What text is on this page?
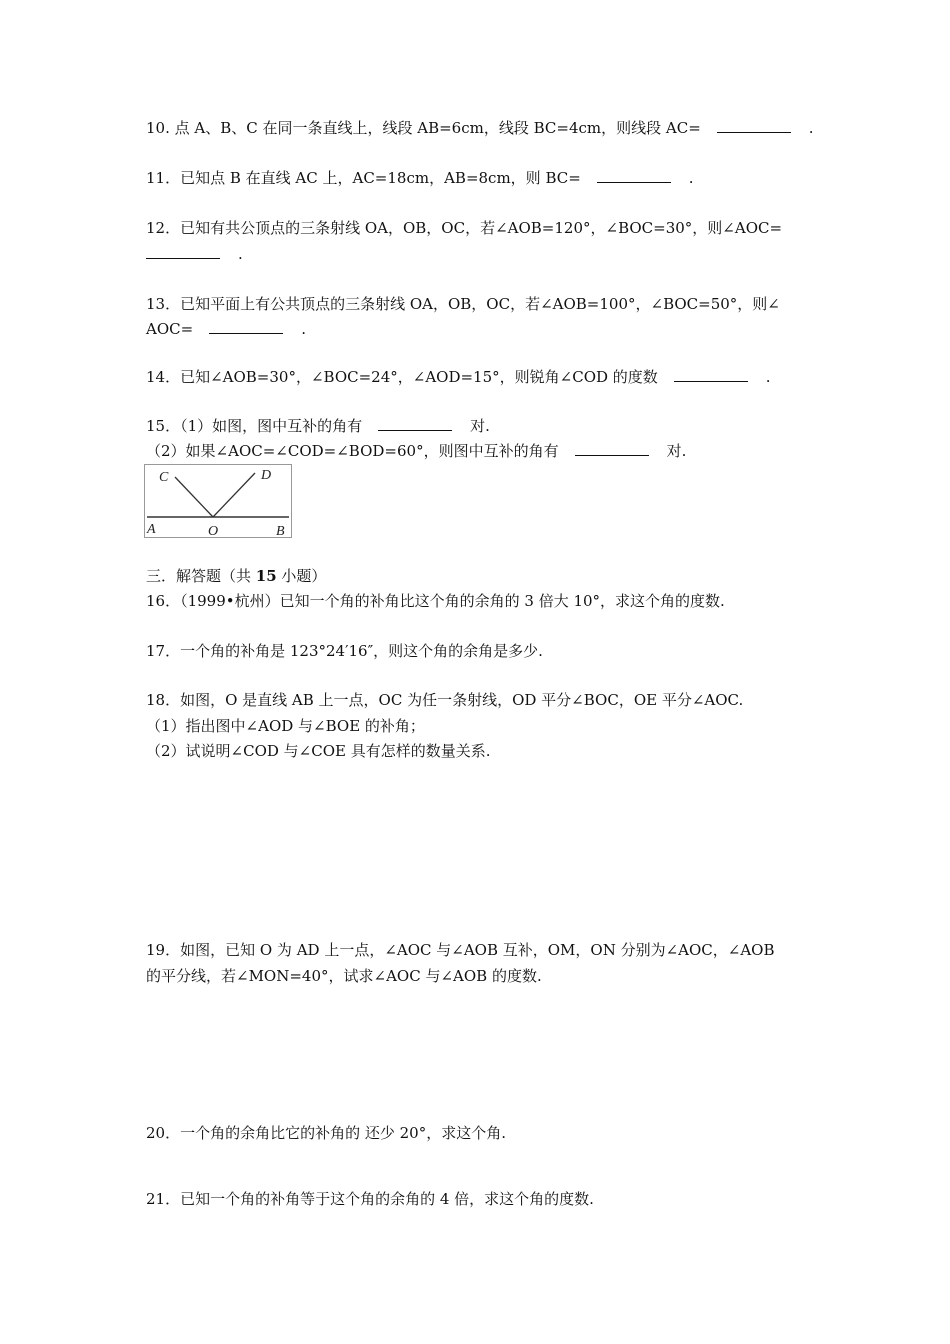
10. 点 A、B、C 在同一条直线上，线段 AB=6cm，线段 BC=4cm，则线段 AC=	.
11．已知点 B 在直线 AC 上，AC=18cm，AB=8cm，则 BC=	.
12．已知有共公顶点的三条射线 OA，OB，OC，若∠AOB=120°，∠BOC=30°，则∠AOC=
.
13．已知平面上有公共顶点的三条射线 OA，OB，OC，若∠AOB=100°，∠BOC=50°，则∠
AOC=	.
14．已知∠AOB=30°，∠BOC=24°，∠AOD=15°，则锐角∠COD 的度数	.
15．（1）如图，图中互补的角有	对.
（2）如果∠AOC=∠COD=∠BOD=60°，则图中互补的角有	对.
C	D
A	O	B
三．解答题（共 15 小题）
16．（1999•杭州）已知一个角的补角比这个角的余角的 3 倍大 10°，求这个角的度数.
17．一个角的补角是 123°24′16″，则这个角的余角是多少.
18．如图，O 是直线 AB 上一点，OC 为任一条射线，OD 平分∠BOC，OE 平分∠AOC.
（1）指出图中∠AOD 与∠BOE 的补角；
（2）试说明∠COD 与∠COE 具有怎样的数量关系.
19．如图，已知 O 为 AD 上一点，∠AOC 与∠AOB 互补，OM，ON 分别为∠AOC，∠AOB
的平分线，若∠MON=40°，试求∠AOC 与∠AOB 的度数.
20．一个角的余角比它的补角的 还少 20°，求这个角.
21．已知一个角的补角等于这个角的余角的 4 倍，求这个角的度数.
